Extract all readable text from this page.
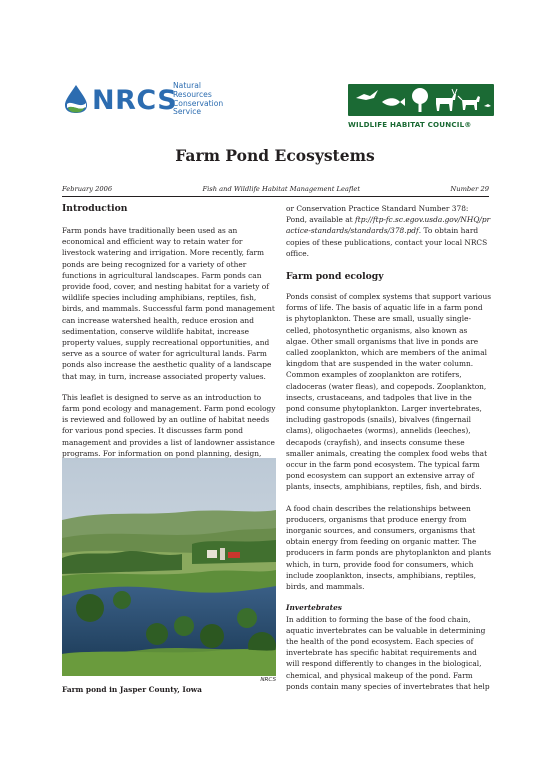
NRCS
Natural
Resources
Conservation
Service
WILDLIFE HABITAT COUNCIL®
Farm Pond Ecosystems
February 2006	Fish and Wildlife Habitat Management Leaflet	Number 29
Introduction

Farm ponds have traditionally been used as an economical and efficient way to retain water for livestock watering and irrigation. More recently, farm ponds are being recognized for a variety of other functions in agricultural landscapes. Farm ponds can provide food, cover, and nesting habitat for a variety of wildlife species including amphibians, reptiles, fish, birds, and mammals. Successful farm pond management can increase watershed health, reduce erosion and sedimentation, conserve wildlife habitat, increase property values, supply recreational opportunities, and serve as a source of water for agricultural lands. Farm ponds also increase the aesthetic quality of a landscape that may, in turn, increase associated property values.

This leaflet is designed to serve as an introduction to farm pond ecology and management. Farm pond ecology is reviewed and followed by an outline of habitat needs for various pond species. It discusses farm pond management and provides a list of landowner assistance programs. For information on pond planning, design,

NRCS
Farm pond in Jasper County, Iowa

or Conservation Practice Standard Number 378: Pond, available at ftp://ftp-fc.sc.egov.usda.gov/NHQ/practice-standards/standards/378.pdf. To obtain hard copies of these publications, contact your local NRCS office.

Farm pond ecology

Ponds consist of complex systems that support various forms of life. The basis of aquatic life in a farm pond is phytoplankton. These are small, usually single-celled, photosynthetic organisms, also known as algae. Other small organisms that live in ponds are called zooplankton, which are members of the animal kingdom that are suspended in the water column. Common examples of zooplankton are rotifers, cladoceras (water fleas), and copepods. Zooplankton, insects, crustaceans, and tadpoles that live in the pond consume phytoplankton. Larger invertebrates, including gastropods (snails), bivalves (fingernail clams), oligochaetes (worms), annelids (leeches), decapods (crayfish), and insects consume these smaller animals, creating the complex food webs that occur in the farm pond ecosystem. The typical farm pond ecosystem can support an extensive array of plants, insects, amphibians, reptiles, fish, and birds.

A food chain describes the relationships between producers, organisms that produce energy from inorganic sources, and consumers, organisms that obtain energy from feeding on organic matter. The producers in farm ponds are phytoplankton and plants which, in turn, provide food for consumers, which include zooplankton, insects, amphibians, reptiles, birds, and mammals.

Invertebrates

In addition to forming the base of the food chain, aquatic invertebrates can be valuable in determining the health of the pond ecosystem. Each species of invertebrate has specific habitat requirements and will respond differently to changes in the biological, chemical, and physical makeup of the pond. Farm ponds contain many species of invertebrates that help
